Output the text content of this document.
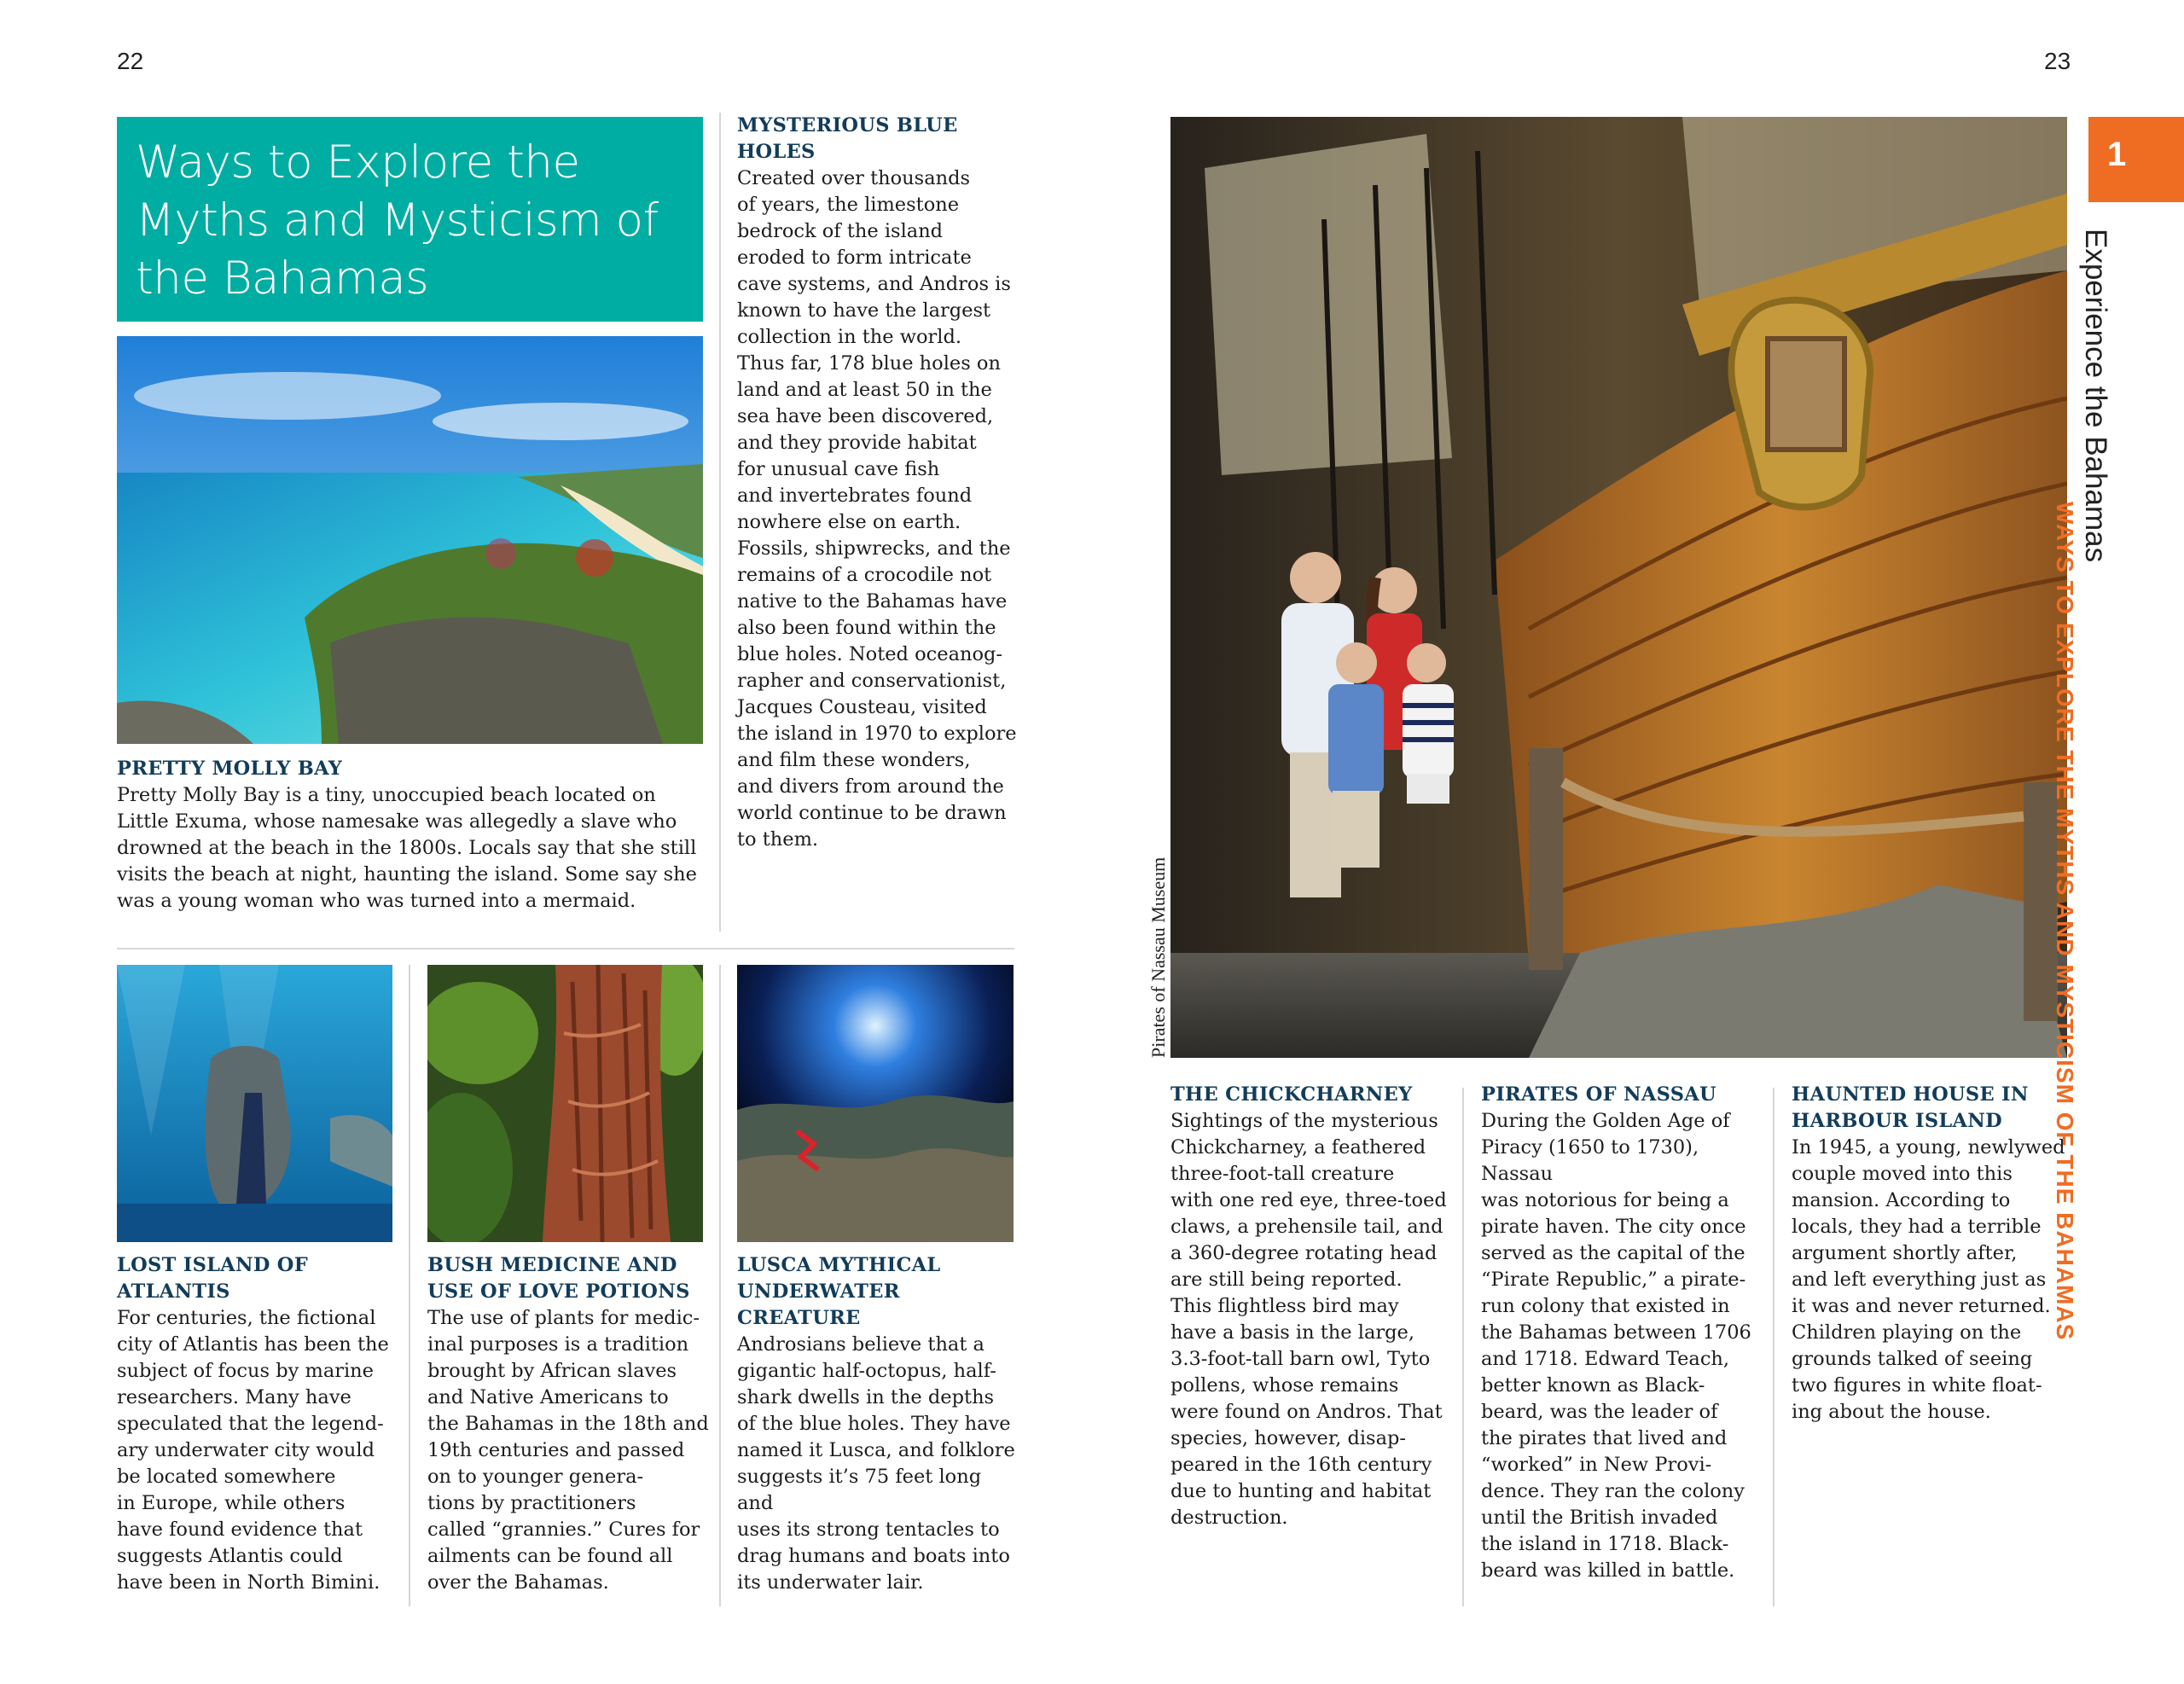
22	23
Ways to Explore the Myths and Mysticism of the Bahamas
PRETTY MOLLY BAY
Pretty Molly Bay is a tiny, unoccupied beach located on
Little Exuma, whose namesake was allegedly a slave who
drowned at the beach in the 1800s. Locals say that she still
visits the beach at night, haunting the island. Some say she
was a young woman who was turned into a mermaid.
MYSTERIOUS BLUE
HOLES
Created over thousands
of years, the limestone
bedrock of the island
eroded to form intricate
cave systems, and Andros is
known to have the largest
collection in the world.
Thus far, 178 blue holes on
land and at least 50 in the
sea have been discovered,
and they provide habitat
for unusual cave fish
and invertebrates found
nowhere else on earth.
Fossils, shipwrecks, and the
remains of a crocodile not
native to the Bahamas have
also been found within the
blue holes. Noted oceanog-
rapher and conservationist,
Jacques Cousteau, visited
the island in 1970 to explore
and film these wonders,
and divers from around the
world continue to be drawn
to them.
LOST ISLAND OF
ATLANTIS
For centuries, the fictional
city of Atlantis has been the
subject of focus by marine
researchers. Many have
speculated that the legend-
ary underwater city would
be located somewhere
in Europe, while others
have found evidence that
suggests Atlantis could
have been in North Bimini.
BUSH MEDICINE AND
USE OF LOVE POTIONS
The use of plants for medic-
inal purposes is a tradition
brought by African slaves
and Native Americans to
the Bahamas in the 18th and
19th centuries and passed
on to younger genera-
tions by practitioners
called “grannies.” Cures for
ailments can be found all
over the Bahamas.
LUSCA MYTHICAL
UNDERWATER
CREATURE
Androsians believe that a
gigantic half-octopus, half-
shark dwells in the depths
of the blue holes. They have
named it Lusca, and folklore
suggests it’s 75 feet long and
uses its strong tentacles to
drag humans and boats into
its underwater lair.
Pirates of Nassau Museum
THE CHICKCHARNEY
Sightings of the mysterious
Chickcharney, a feathered
three-foot-tall creature
with one red eye, three-toed
claws, a prehensile tail, and
a 360-degree rotating head
are still being reported.
This flightless bird may
have a basis in the large,
3.3-foot-tall barn owl, Tyto
pollens, whose remains
were found on Andros. That
species, however, disap-
peared in the 16th century
due to hunting and habitat
destruction.
PIRATES OF NASSAU
During the Golden Age of
Piracy (1650 to 1730), Nassau
was notorious for being a
pirate haven. The city once
served as the capital of the
“Pirate Republic,” a pirate-
run colony that existed in
the Bahamas between 1706
and 1718. Edward Teach,
better known as Black-
beard, was the leader of
the pirates that lived and
“worked” in New Provi-
dence. They ran the colony
until the British invaded
the island in 1718. Black-
beard was killed in battle.
HAUNTED HOUSE IN
HARBOUR ISLAND
In 1945, a young, newlywed
couple moved into this
mansion. According to
locals, they had a terrible
argument shortly after,
and left everything just as
it was and never returned.
Children playing on the
grounds talked of seeing
two figures in white float-
ing about the house.
1
Experience the Bahamas
WAYS TO EXPLORE THE MYTHS AND MYSTICISM OF THE BAHAMAS
